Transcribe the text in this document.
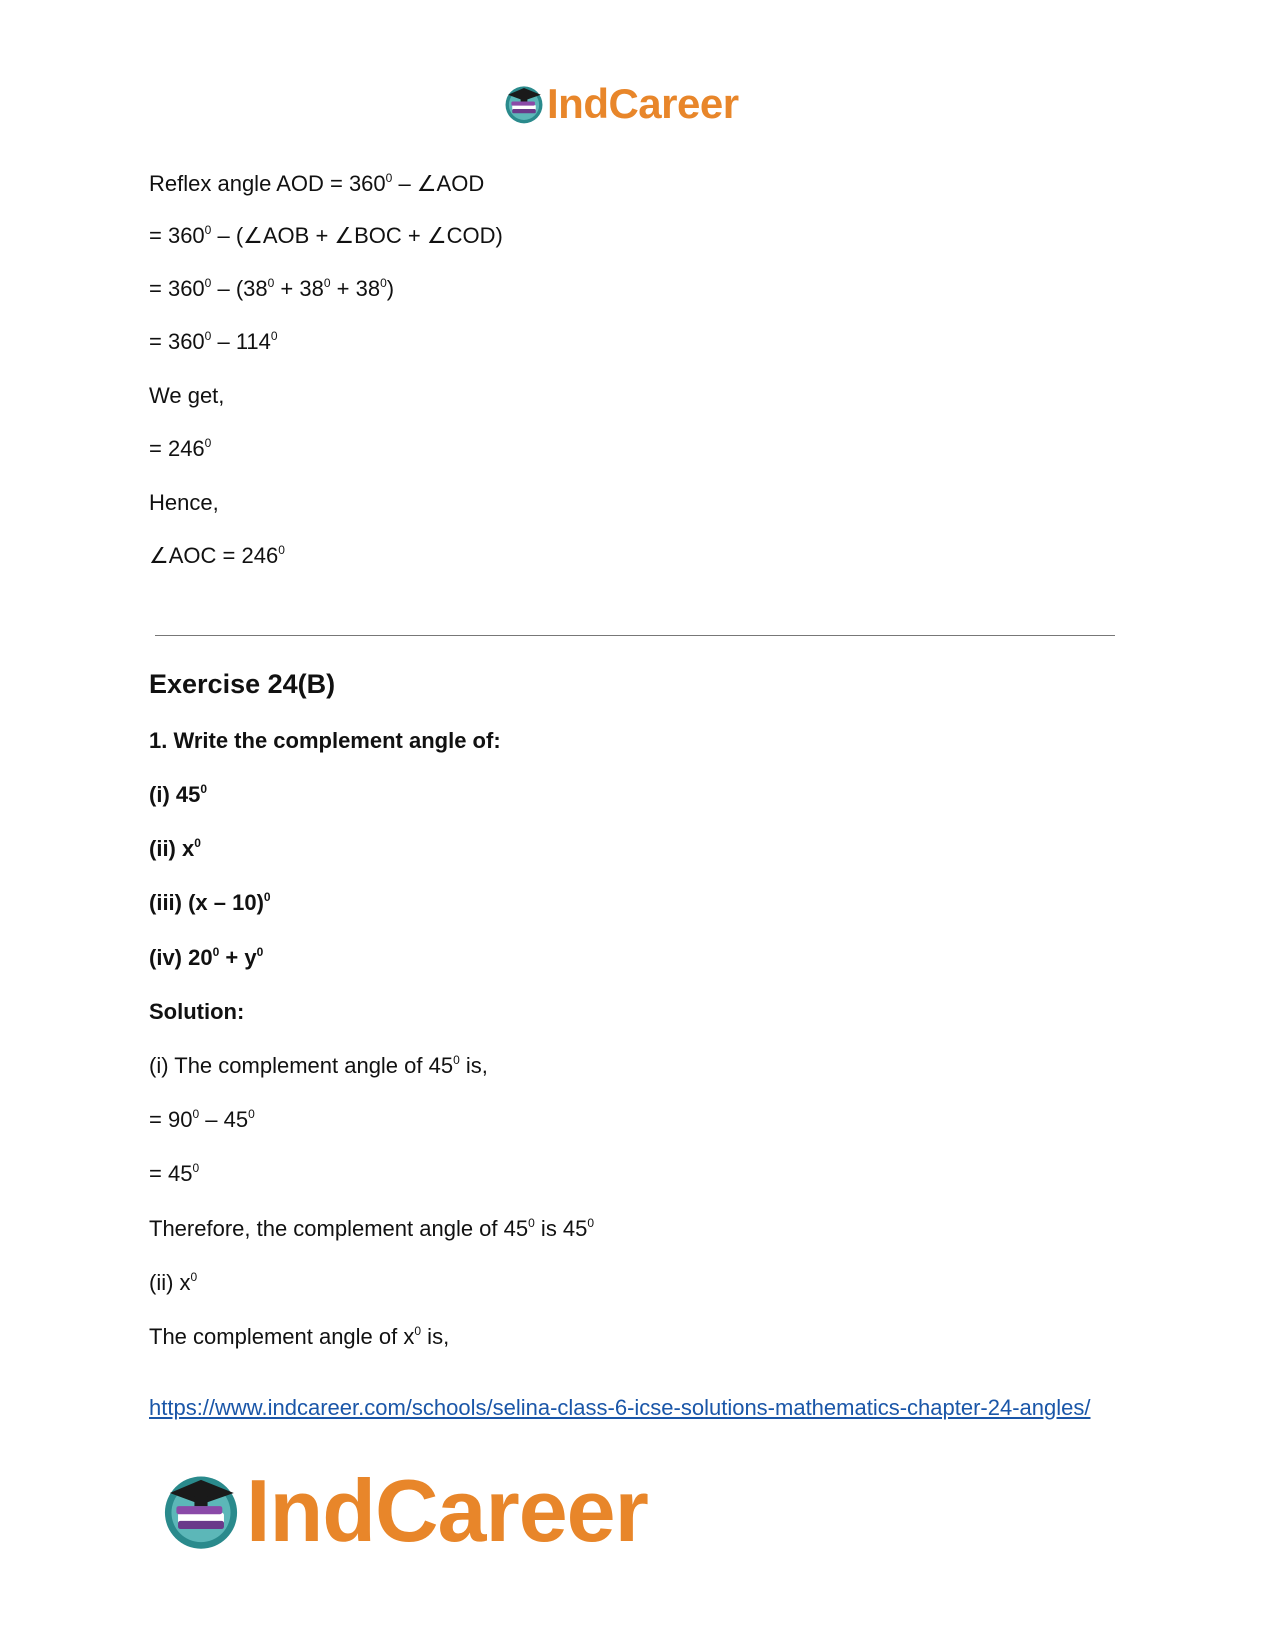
IndCareer
Reflex angle AOD = $360^0$ – ∠AOD
= $360^0$ – (∠AOB + ∠BOC + ∠COD)
= $360^0 - (38^0 + 38^0 + 38^0)$
= $360^0 - 114^0$
We get,
= $246^0$
Hence,
∠AOC = $246^0$
Exercise 24(B)
1. Write the complement angle of:
(i) $45^0$
(ii) $x^0$
(iii) (x – 10)$^0$
(iv) $20^0 + y^0$
Solution:
(i) The complement angle of $45^0$ is,
= $90^0 - 45^0$
= $45^0$
Therefore, the complement angle of $45^0$ is $45^0$
(ii) $x^0$
The complement angle of $x^0$ is,
https://www.indcareer.com/schools/selina-class-6-icse-solutions-mathematics-chapter-24-angles/
IndCareer
